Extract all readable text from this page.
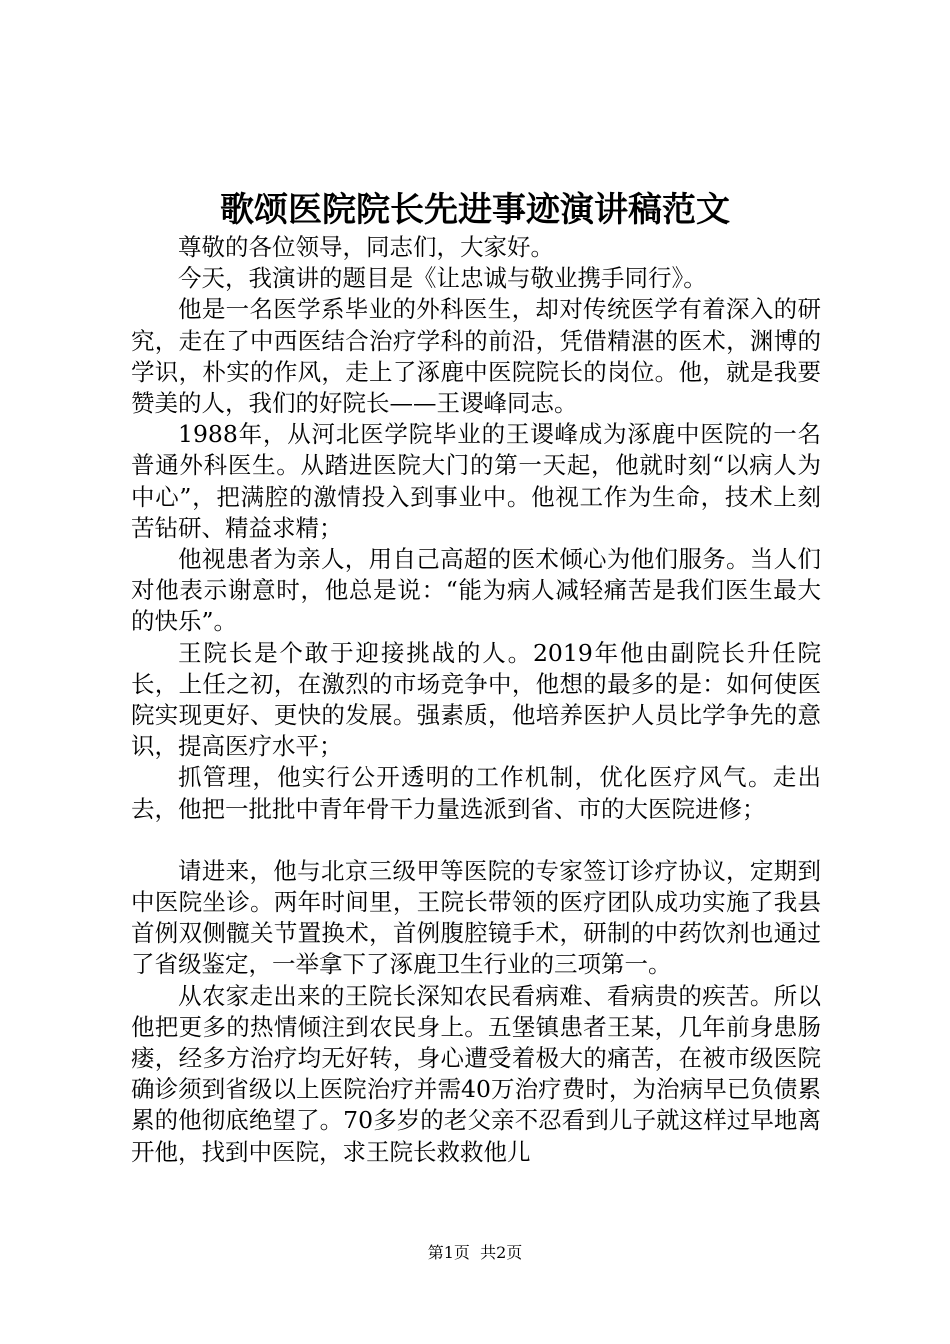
歌颂医院院长先进事迹演讲稿范文

尊敬的各位领导，同志们，大家好。

今天，我演讲的题目是《让忠诚与敬业携手同行》。

他是一名医学系毕业的外科医生，却对传统医学有着深入的研究，走在了中西医结合治疗学科的前沿，凭借精湛的医术，渊博的学识，朴实的作风，走上了涿鹿中医院院长的岗位。他，就是我要赞美的人，我们的好院长——王谡峰同志。

1988年，从河北医学院毕业的王谡峰成为涿鹿中医院的一名普通外科医生。从踏进医院大门的第一天起，他就时刻“以病人为中心”，把满腔的激情投入到事业中。他视工作为生命，技术上刻苦钻研、精益求精；

他视患者为亲人，用自己高超的医术倾心为他们服务。当人们对他表示谢意时，他总是说：“能为病人减轻痛苦是我们医生最大的快乐”。

王院长是个敢于迎接挑战的人。2019年他由副院长升任院长，上任之初，在激烈的市场竞争中，他想的最多的是：如何使医院实现更好、更快的发展。强素质，他培养医护人员比学争先的意识，提高医疗水平；

抓管理，他实行公开透明的工作机制，优化医疗风气。走出去，他把一批批中青年骨干力量选派到省、市的大医院进修；

请进来，他与北京三级甲等医院的专家签订诊疗协议，定期到中医院坐诊。两年时间里，王院长带领的医疗团队成功实施了我县首例双侧髋关节置换术，首例腹腔镜手术，研制的中药饮剂也通过了省级鉴定，一举拿下了涿鹿卫生行业的三项第一。

从农家走出来的王院长深知农民看病难、看病贵的疾苦。所以他把更多的热情倾注到农民身上。五堡镇患者王某，几年前身患肠瘘，经多方治疗均无好转，身心遭受着极大的痛苦，在被市级医院确诊须到省级以上医院治疗并需40万治疗费时，为治病早已负债累累的他彻底绝望了。70多岁的老父亲不忍看到儿子就这样过早地离开他，找到中医院，求王院长救救他儿

第1页  共2页
